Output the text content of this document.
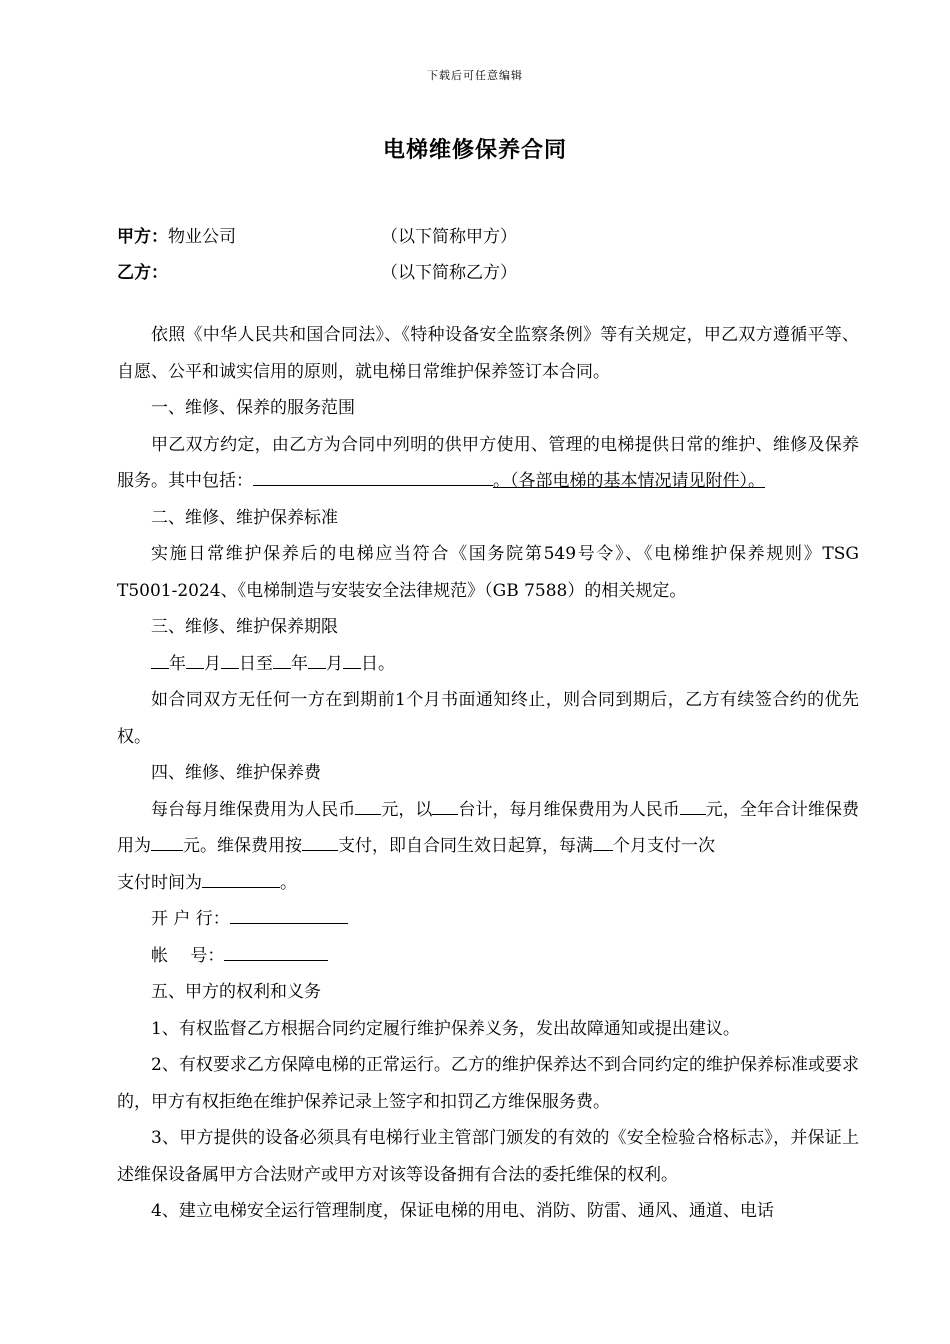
下载后可任意编辑
电梯维修保养合同
甲方：物业公司	（以下简称甲方）
乙方：	（以下简称乙方）

依照《中华人民共和国合同法》、《特种设备安全监察条例》等有关规定，甲乙双方遵循平等、自愿、公平和诚实信用的原则，就电梯日常维护保养签订本合同。

一、维修、保养的服务范围

甲乙双方约定，由乙方为合同中列明的供甲方使用、管理的电梯提供日常的维护、维修及保养服务。其中包括：	。（各部电梯的基本情况请见附件）。

二、维修、维护保养标准

实施日常维护保养后的电梯应当符合《国务院第549号令》、《电梯维护保养规则》TSG T5001-2024、《电梯制造与安装安全法律规范》（GB 7588）的相关规定。

三、维修、维护保养期限

年 月 日至 年 月 日。

如合同双方无任何一方在到期前1个月书面通知终止，则合同到期后，乙方有续签合约的优先权。

四、维修、维护保养费

每台每月维保费用为人民币 元，以 台计，每月维保费用为人民币 元，全年合计维保费用为 元。维保费用按 支付，即自合同生效日起算，每满 个月支付一次
支付时间为	。

开 户 行：

帐　 号：

五、甲方的权利和义务

1、有权监督乙方根据合同约定履行维护保养义务，发出故障通知或提出建议。

2、有权要求乙方保障电梯的正常运行。乙方的维护保养达不到合同约定的维护保养标准或要求的，甲方有权拒绝在维护保养记录上签字和扣罚乙方维保服务费。

3、甲方提供的设备必须具有电梯行业主管部门颁发的有效的《安全检验合格标志》，并保证上述维保设备属甲方合法财产或甲方对该等设备拥有合法的委托维保的权利。

4、建立电梯安全运行管理制度，保证电梯的用电、消防、防雷、通风、通道、电话
